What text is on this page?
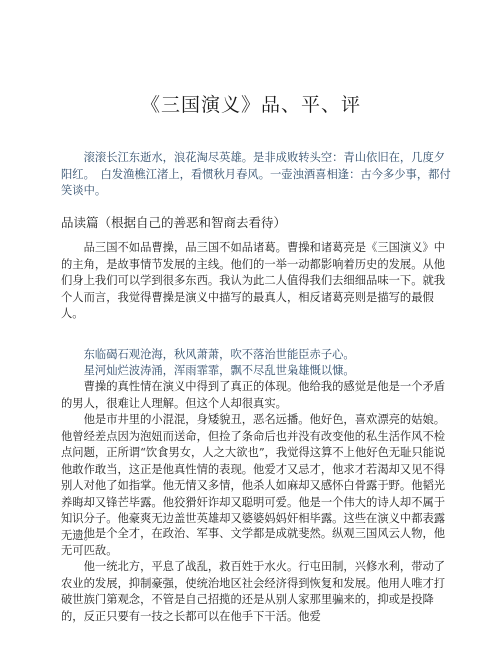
《三国演义》品、平、评

滚滚长江东逝水，浪花淘尽英雄。是非成败转头空：青山依旧在，几度夕阳红。　白发渔樵江渚上，看惯秋月春风。一壶浊酒喜相逢：古今多少事，都付笑谈中。

品读篇（根据自己的善恶和智商去看待）

品三国不如品曹操，品三国不如品诸葛。曹操和诸葛亮是《三国演义》中的主角，是故事情节发展的主线。他们的一举一动都影响着历史的发展。从他们身上我们可以学到很多东西。我认为此二人值得我们去细细品味一下。就我个人而言，我觉得曹操是演义中描写的最真人，相反诸葛亮则是描写的最假人。

东临碣石观沧海，秋风萧萧，吹不落治世能臣赤子心。

星河灿烂波涛涌，浑雨霏霏，飘不尽乱世枭雄慨以慷。

曹操的真性情在演义中得到了真正的体现。他给我的感觉是他是一个矛盾的男人，很难让人理解。但这个人却很真实。

他是市井里的小混混，身矮貌丑，恶名远播。他好色，喜欢漂亮的姑娘。他曾经差点因为泡妞而送命，但捡了条命后也并没有改变他的私生活作风不检点问题，正所谓“饮食男女，人之大欲也”，我觉得这算不上他好色无耻只能说他敢作敢当，这正是他真性情的表现。他爱才又忌才，他求才若渴却又见不得别人对他了如指掌。他无情又多情，他杀人如麻却又感怀白骨露于野。他韬光养晦却又锋芒毕露。他狡猾奸诈却又聪明可爱。他是一个伟大的诗人却不属于知识分子。他豪爽无边盖世英雄却又婆婆妈妈奸相毕露。这些在演义中都表露无遗。

他是个全才，在政治、军事、文学都是成就斐然。纵观三国风云人物，他无可匹敌。

他一统北方，平息了战乱，救百姓于水火。行屯田制，兴修水利，带动了农业的发展，抑制豪强，使统治地区社会经济得到恢复和发展。他用人唯才打破世族门第观念，不管是自己招揽的还是从别人家那里骗来的，抑或是投降的，反正只要有一技之长都可以在他手下干活。他爱
